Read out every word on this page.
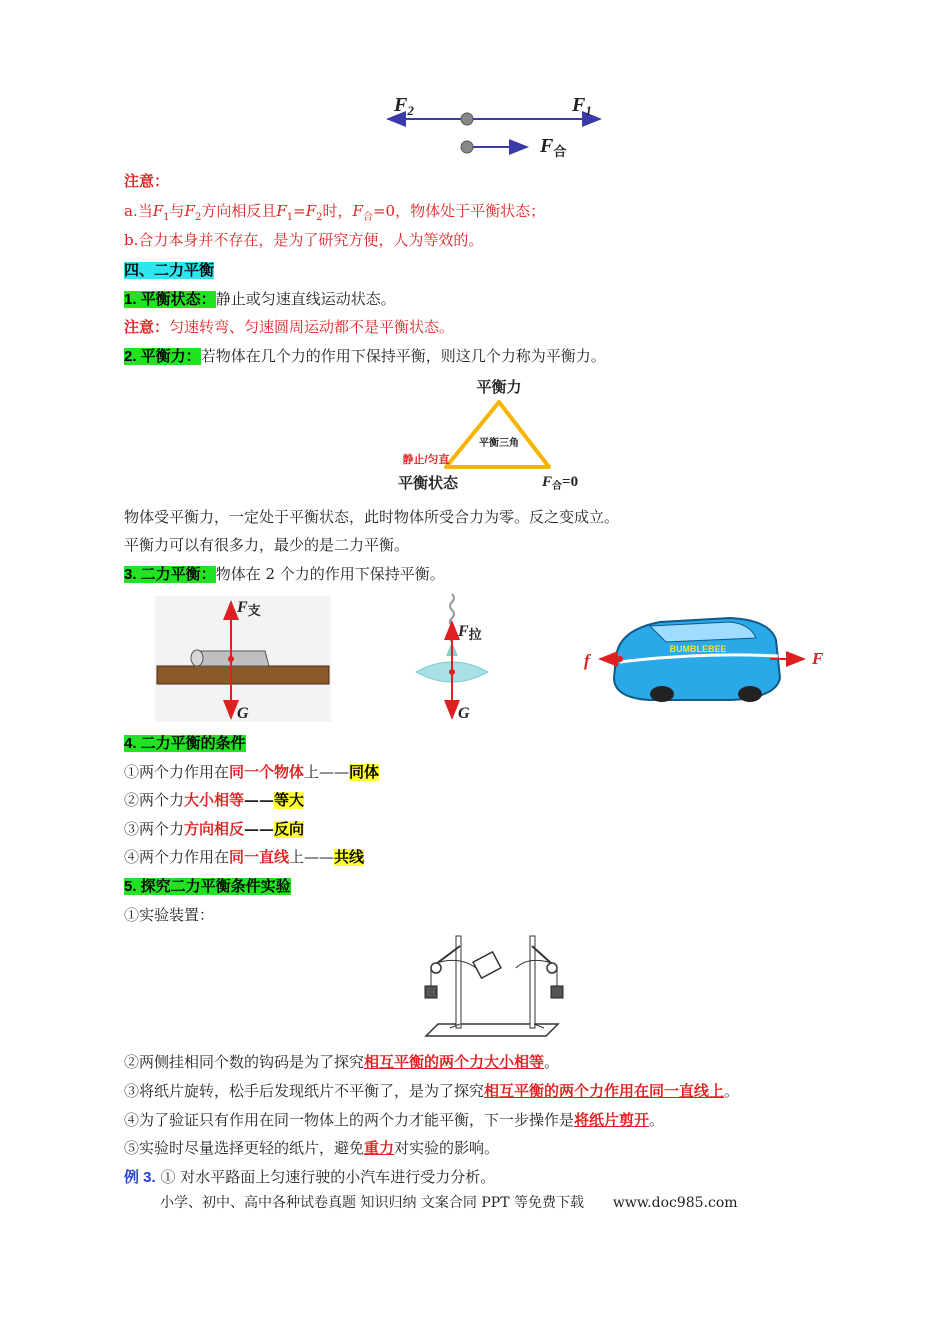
$F_2$	$F_1$
$F_合$
注意：
a.当$F_1$与$F_2$方向相反且$F_1=F_2$时，$F_合=0$，物体处于平衡状态；
b.合力本身并不存在，是为了研究方便，人为等效的。
四、二力平衡
1. 平衡状态：静止或匀速直线运动状态。
注意：匀速转弯、匀速圆周运动都不是平衡状态。
2. 平衡力：若物体在几个力的作用下保持平衡，则这几个力称为平衡力。
平衡力
平衡三角
静止/匀直
平衡状态	$F_合=0$
物体受平衡力，一定处于平衡状态，此时物体所受合力为零。反之变成立。
平衡力可以有很多力，最少的是二力平衡。
3. 二力平衡：物体在 2 个力的作用下保持平衡。
F支
G
F拉
G
BUMBLEBEE
f	F
4. 二力平衡的条件
①两个力作用在同一个物体上——同体
②两个力大小相等——等大
③两个力方向相反——反向
④两个力作用在同一直线上——共线
5. 探究二力平衡条件实验
①实验装置：
②两侧挂相同个数的钩码是为了探究相互平衡的两个力大小相等。
③将纸片旋转，松手后发现纸片不平衡了，是为了探究相互平衡的两个力作用在同一直线上。
④为了验证只有作用在同一物体上的两个力才能平衡，下一步操作是将纸片剪开。
⑤实验时尽量选择更轻的纸片，避免重力对实验的影响。
例 3. ① 对水平路面上匀速行驶的小汽车进行受力分析。
小学、初中、高中各种试卷真题 知识归纳 文案合同 PPT 等免费下载 www.doc985.com
